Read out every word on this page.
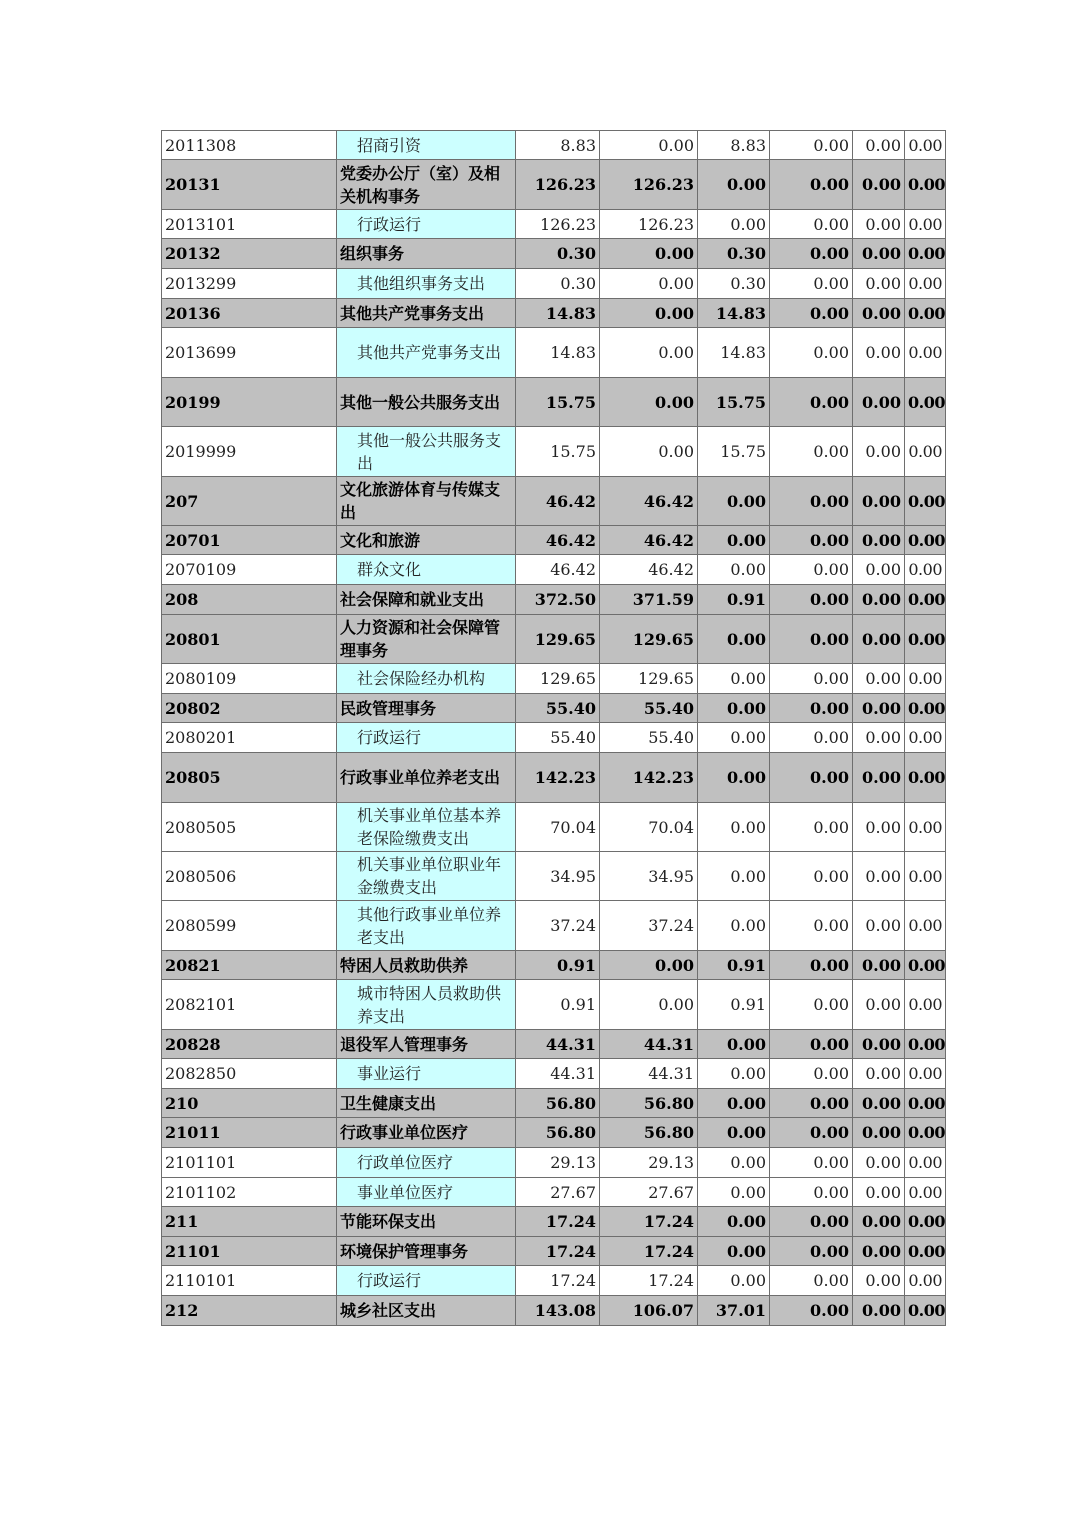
2011308	招商引资	8.83	0.00	8.83	0.00	0.00	0.00
20131	党委办公厅（室）及相关机构事务	126.23	126.23	0.00	0.00	0.00	0.00
2013101	行政运行	126.23	126.23	0.00	0.00	0.00	0.00
20132	组织事务	0.30	0.00	0.30	0.00	0.00	0.00
2013299	其他组织事务支出	0.30	0.00	0.30	0.00	0.00	0.00
20136	其他共产党事务支出	14.83	0.00	14.83	0.00	0.00	0.00
2013699	其他共产党事务支出	14.83	0.00	14.83	0.00	0.00	0.00
20199	其他一般公共服务支出	15.75	0.00	15.75	0.00	0.00	0.00
2019999	其他一般公共服务支出	15.75	0.00	15.75	0.00	0.00	0.00
207	文化旅游体育与传媒支出	46.42	46.42	0.00	0.00	0.00	0.00
20701	文化和旅游	46.42	46.42	0.00	0.00	0.00	0.00
2070109	群众文化	46.42	46.42	0.00	0.00	0.00	0.00
208	社会保障和就业支出	372.50	371.59	0.91	0.00	0.00	0.00
20801	人力资源和社会保障管理事务	129.65	129.65	0.00	0.00	0.00	0.00
2080109	社会保险经办机构	129.65	129.65	0.00	0.00	0.00	0.00
20802	民政管理事务	55.40	55.40	0.00	0.00	0.00	0.00
2080201	行政运行	55.40	55.40	0.00	0.00	0.00	0.00
20805	行政事业单位养老支出	142.23	142.23	0.00	0.00	0.00	0.00
2080505	机关事业单位基本养老保险缴费支出	70.04	70.04	0.00	0.00	0.00	0.00
2080506	机关事业单位职业年金缴费支出	34.95	34.95	0.00	0.00	0.00	0.00
2080599	其他行政事业单位养老支出	37.24	37.24	0.00	0.00	0.00	0.00
20821	特困人员救助供养	0.91	0.00	0.91	0.00	0.00	0.00
2082101	城市特困人员救助供养支出	0.91	0.00	0.91	0.00	0.00	0.00
20828	退役军人管理事务	44.31	44.31	0.00	0.00	0.00	0.00
2082850	事业运行	44.31	44.31	0.00	0.00	0.00	0.00
210	卫生健康支出	56.80	56.80	0.00	0.00	0.00	0.00
21011	行政事业单位医疗	56.80	56.80	0.00	0.00	0.00	0.00
2101101	行政单位医疗	29.13	29.13	0.00	0.00	0.00	0.00
2101102	事业单位医疗	27.67	27.67	0.00	0.00	0.00	0.00
211	节能环保支出	17.24	17.24	0.00	0.00	0.00	0.00
21101	环境保护管理事务	17.24	17.24	0.00	0.00	0.00	0.00
2110101	行政运行	17.24	17.24	0.00	0.00	0.00	0.00
212	城乡社区支出	143.08	106.07	37.01	0.00	0.00	0.00
